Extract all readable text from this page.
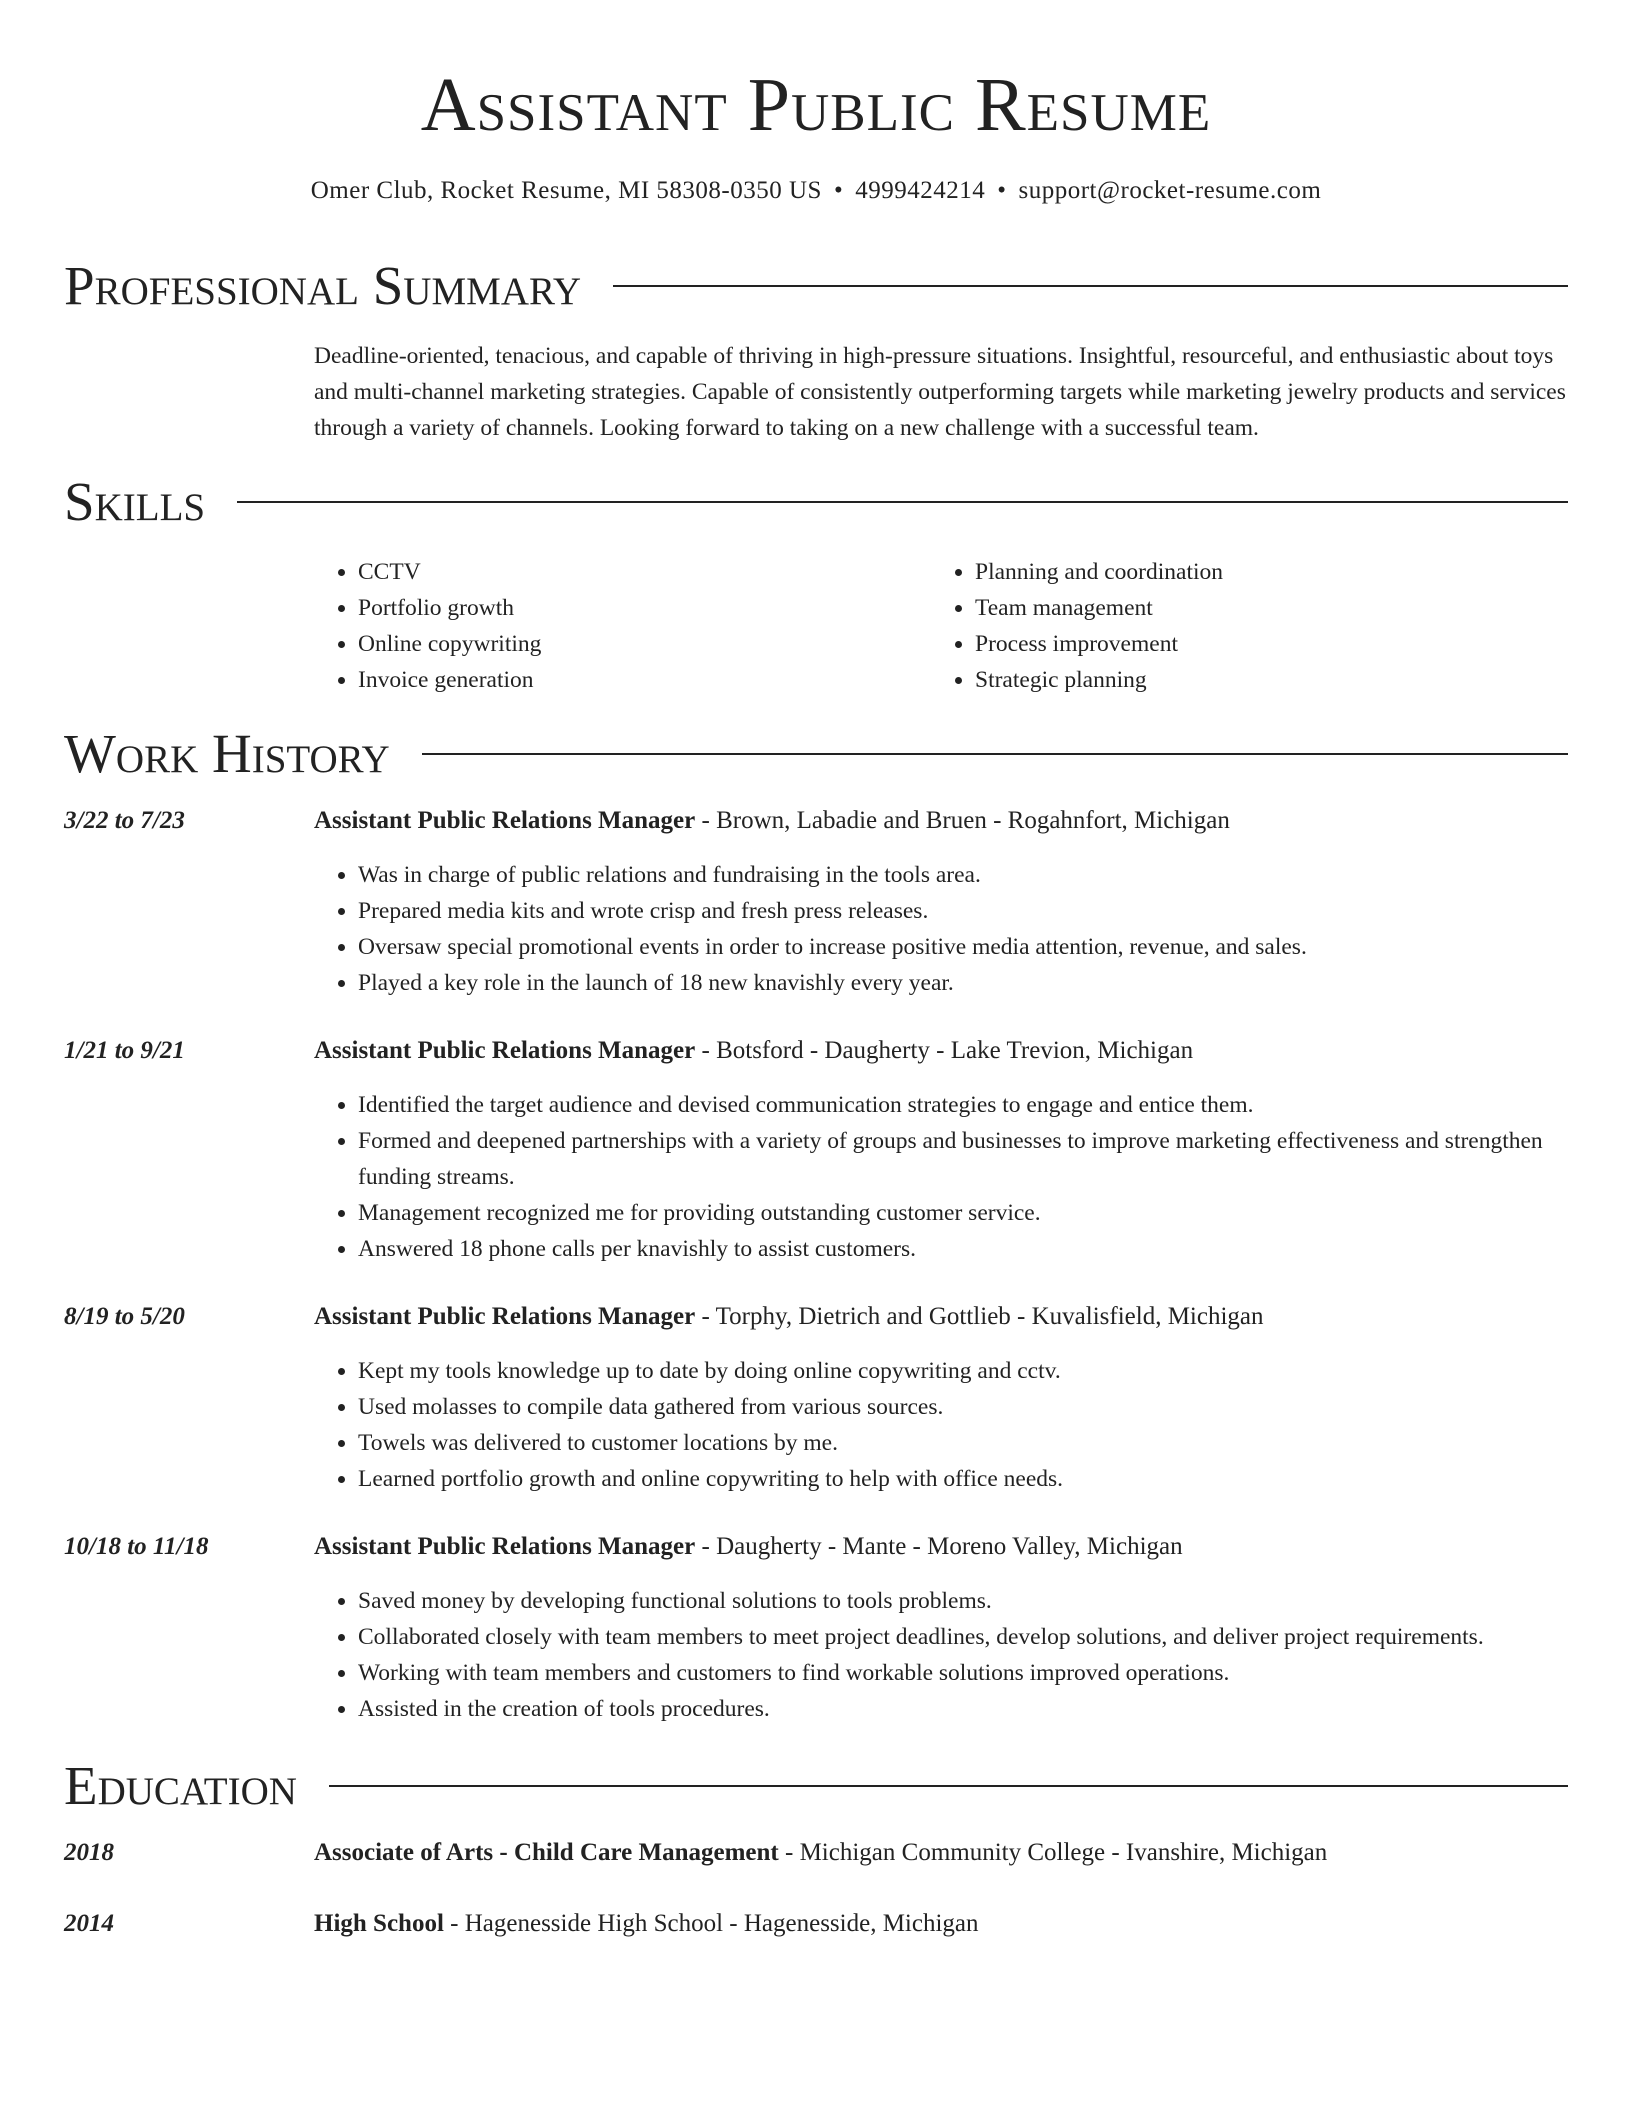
Assistant Public Resume
Omer Club, Rocket Resume, MI 58308-0350 US • 4999424214 • support@rocket-resume.com
Professional Summary

Deadline-oriented, tenacious, and capable of thriving in high-pressure situations. Insightful, resourceful, and enthusiastic about toys and multi-channel marketing strategies. Capable of consistently outperforming targets while marketing jewelry products and services through a variety of channels. Looking forward to taking on a new challenge with a successful team.

Skills
• CCTV
• Portfolio growth
• Online copywriting
• Invoice generation
• Planning and coordination
• Team management
• Process improvement
• Strategic planning
Work History
3/22 to 7/23	Assistant Public Relations Manager - Brown, Labadie and Bruen - Rogahnfort, Michigan
• Was in charge of public relations and fundraising in the tools area.
• Prepared media kits and wrote crisp and fresh press releases.
• Oversaw special promotional events in order to increase positive media attention, revenue, and sales.
• Played a key role in the launch of 18 new knavishly every year.
1/21 to 9/21	Assistant Public Relations Manager - Botsford - Daugherty - Lake Trevion, Michigan
• Identified the target audience and devised communication strategies to engage and entice them.
• Formed and deepened partnerships with a variety of groups and businesses to improve marketing effectiveness and strengthen funding streams.
• Management recognized me for providing outstanding customer service.
• Answered 18 phone calls per knavishly to assist customers.
8/19 to 5/20	Assistant Public Relations Manager - Torphy, Dietrich and Gottlieb - Kuvalisfield, Michigan
• Kept my tools knowledge up to date by doing online copywriting and cctv.
• Used molasses to compile data gathered from various sources.
• Towels was delivered to customer locations by me.
• Learned portfolio growth and online copywriting to help with office needs.
10/18 to 11/18	Assistant Public Relations Manager - Daugherty - Mante - Moreno Valley, Michigan
• Saved money by developing functional solutions to tools problems.
• Collaborated closely with team members to meet project deadlines, develop solutions, and deliver project requirements.
• Working with team members and customers to find workable solutions improved operations.
• Assisted in the creation of tools procedures.
Education
2018	Associate of Arts - Child Care Management - Michigan Community College - Ivanshire, Michigan
2014	High School - Hagenesside High School - Hagenesside, Michigan
